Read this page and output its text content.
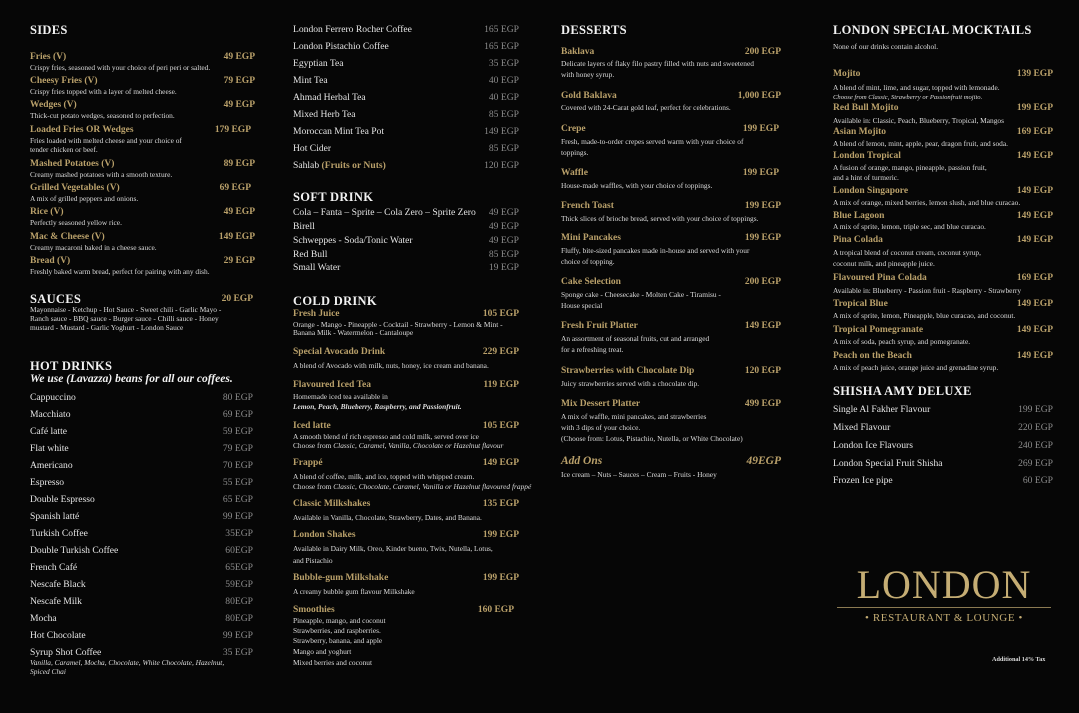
SIDES
Fries (V)	49 EGP
Crispy fries, seasoned with your choice of peri peri or salted.
Cheesy Fries (V)	79 EGP
Crispy fries topped with a layer of melted cheese.
Wedges (V)	49 EGP
Thick-cut potato wedges, seasoned to perfection.
Loaded Fries OR Wedges	179 EGP
Fries loaded with melted cheese and your choice of
tender chicken or beef.
Mashed Potatoes (V)	89 EGP
Creamy mashed potatoes with a smooth texture.
Grilled Vegetables (V)	69 EGP
A mix of grilled peppers and onions.
Rice (V)	49 EGP
Perfectly seasoned yellow rice.
Mac & Cheese (V)	149 EGP
Creamy macaroni baked in a cheese sauce.
Bread (V)	29 EGP
Freshly baked warm bread, perfect for pairing with any dish.
SAUCES	20 EGP
Mayonnaise - Ketchup - Hot Sauce - Sweet chili - Garlic Mayo -
Ranch sauce - BBQ sauce - Burger sauce - Chilli sauce - Honey
mustard - Mustard - Garlic Yoghurt - London Sauce
HOT DRINKS
We use (Lavazza) beans for all our coffees.
Cappuccino	80 EGP
Macchiato	69 EGP
Café latte	59 EGP
Flat white	79 EGP
Americano	70 EGP
Espresso	55 EGP
Double Espresso	65 EGP
Spanish latté	99 EGP
Turkish Coffee	35EGP
Double Turkish Coffee	60EGP
French Café	65EGP
Nescafe Black	59EGP
Nescafe Milk	80EGP
Mocha	80EGP
Hot Chocolate	99 EGP
Syrup Shot Coffee	35 EGP
Vanilla, Caramel, Mocha, Chocolate, White Chocolate, Hazelnut,
Spiced Chai
London Ferrero Rocher Coffee	165 EGP
London Pistachio Coffee	165 EGP
Egyptian Tea	35 EGP
Mint Tea	40 EGP
Ahmad Herbal Tea	40 EGP
Mixed Herb Tea	85 EGP
Moroccan Mint Tea Pot	149 EGP
Hot Cider	85 EGP
Sahlab (Fruits or Nuts)	120 EGP
SOFT DRINK
Cola – Fanta – Sprite – Cola Zero – Sprite Zero 49 EGP
Birell	49 EGP
Schweppes - Soda/Tonic Water	49 EGP
Red Bull	85 EGP
Small Water	19 EGP
COLD DRINK
Fresh Juice	105 EGP
Orange - Mango - Pineapple - Cocktail - Strawberry - Lemon & Mint -
Banana Milk - Watermelon - Cantaloupe
Special Avocado Drink	229 EGP
A blend of Avocado with milk, nuts, honey, ice cream and banana.
Flavoured Iced Tea	119 EGP
Homemade iced tea available in
Lemon, Peach, Blueberry, Raspberry, and Passionfruit.
Iced latte	105 EGP
A smooth blend of rich espresso and cold milk, served over ice
Choose from Classic, Caramel, Vanilla, Chocolate or Hazelnut flavour
Frappé	149 EGP
A blend of coffee, milk, and ice, topped with whipped cream.
Choose from Classic, Chocolate, Caramel, Vanilla or Hazelnut flavoured frappé
Classic Milkshakes	135 EGP
Available in Vanilla, Chocolate, Strawberry, Dates, and Banana.
London Shakes	199 EGP
Available in Dairy Milk, Oreo, Kinder bueno, Twix, Nutella, Lotus,
and Pistachio
Bubble-gum Milkshake	199 EGP
A creamy bubble gum flavour Milkshake
Smoothies	160 EGP
Pineapple, mango, and coconut
Strawberries, and raspberries.
Strawberry, banana, and apple
Mango and yoghurt
Mixed berries and coconut
DESSERTS
Baklava	200 EGP
Delicate layers of flaky filo pastry filled with nuts and sweetened
with honey syrup.
Gold Baklava	1,000 EGP
Covered with 24-Carat gold leaf, perfect for celebrations.
Crepe	199 EGP
Fresh, made-to-order crepes served warm with your choice of
toppings.
Waffle	199 EGP
House-made waffles, with your choice of toppings.
French Toast	199 EGP
Thick slices of brioche bread, served with your choice of toppings.
Mini Pancakes	199 EGP
Fluffy, bite-sized pancakes made in-house and served with your
choice of topping.
Cake Selection	200 EGP
Sponge cake - Cheesecake - Molten Cake - Tiramisu -
House special
Fresh Fruit Platter	149 EGP
An assortment of seasonal fruits, cut and arranged
for a refreshing treat.
Strawberries with Chocolate Dip	120 EGP
Juicy strawberries served with a chocolate dip.
Mix Dessert Platter	499 EGP
A mix of waffle, mini pancakes, and strawberries
with 3 dips of your choice.
(Choose from: Lotus, Pistachio, Nutella, or White Chocolate)
Add Ons	49EGP
Ice cream – Nuts – Sauces – Cream – Fruits - Honey
LONDON SPECIAL MOCKTAILS
None of our drinks contain alcohol.
Mojito	139 EGP
A blend of mint, lime, and sugar, topped with lemonade.
Choose from Classic, Strawberry or Passionfruit mojito.
Red Bull Mojito	199 EGP
Available in: Classic, Peach, Blueberry, Tropical, Mangos
Asian Mojito	169 EGP
A blend of lemon, mint, apple, pear, dragon fruit, and soda.
London Tropical	149 EGP
A fusion of orange, mango, pineapple, passion fruit,
and a hint of turmeric.
London Singapore	149 EGP
A mix of orange, mixed berries, lemon slush, and blue curacao.
Blue Lagoon	149 EGP
A mix of sprite, lemon, triple sec, and blue curacao.
Pina Colada	149 EGP
A tropical blend of coconut cream, coconut syrup,
coconut milk, and pineapple juice.
Flavoured Pina Colada	169 EGP
Available in: Blueberry - Passion fruit - Raspberry - Strawberry
Tropical Blue	149 EGP
A mix of sprite, lemon, Pineapple, blue curacao, and coconut.
Tropical Pomegranate	149 EGP
A mix of soda, peach syrup, and pomegranate.
Peach on the Beach	149 EGP
A mix of peach juice, orange juice and grenadine syrup.
SHISHA AMY DELUXE
Single Al Fakher Flavour	199 EGP
Mixed Flavour	220 EGP
London Ice Flavours	240 EGP
London Special Fruit Shisha	269 EGP
Frozen Ice pipe	60 EGP
LONDON
• RESTAURANT & LOUNGE •
Additional 14% Tax
